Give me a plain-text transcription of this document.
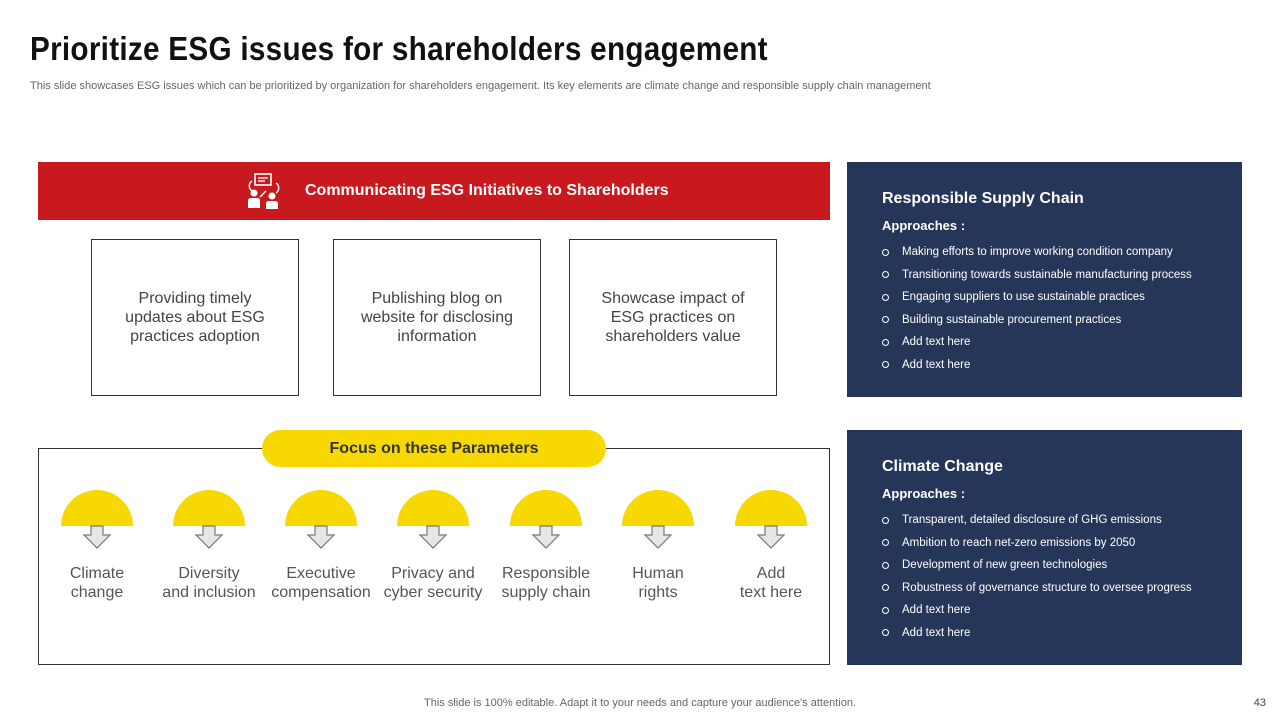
Prioritize ESG issues for shareholders engagement
This slide showcases ESG issues which can be prioritized by organization for shareholders engagement. Its key elements are climate change and responsible supply chain management
Communicating ESG Initiatives to Shareholders
Providing timely updates about ESG practices adoption
Publishing blog on website for disclosing information
Showcase impact of ESG practices on shareholders value
Focus on these Parameters
Climate
change
Diversity
and inclusion
Executive
compensation
Privacy and
cyber security
Responsible
supply chain
Human
rights
Add
text here
Responsible Supply Chain
Approaches :
Making efforts to improve working condition company
Transitioning towards sustainable manufacturing process
Engaging suppliers to use sustainable practices
Building sustainable procurement practices
Add text here
Add text here
Climate Change
Approaches :
Transparent, detailed disclosure of GHG emissions
Ambition to reach net-zero emissions by 2050
Development of new green technologies
Robustness of governance structure to oversee progress
Add text here
Add text here
This slide is 100% editable. Adapt it to your needs and capture your audience's attention.	43
